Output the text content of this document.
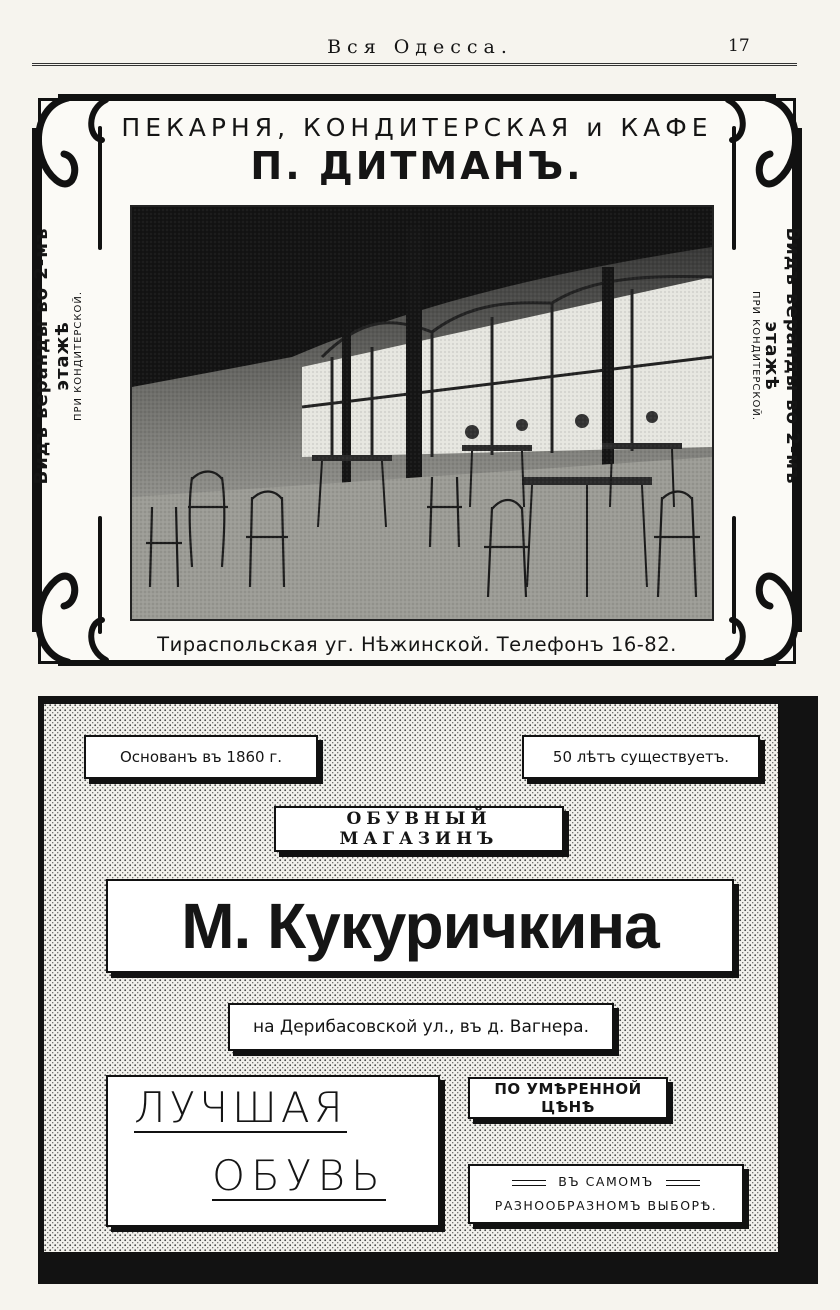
Вся Одесса.	17
ПЕКАРНЯ, КОНДИТЕРСКАЯ и КАФЕ
П. ДИТМАНЪ.
Видъ веранды во 2-мъ этажѣ ПРИ КОНДИТЕРСКОЙ.	Видъ веранды во 2-мъ этажѣ
ПРИ КОНДИТЕРСКОЙ.
Тираспольская уг. Нѣжинской. Телефонъ 16-82.
Основанъ въ 1860 г.	50 лѣтъ существуетъ.
ОБУВНЫЙ МАГАЗИНЪ
М. Кукуричкина
на Дерибасовской ул., въ д. Вагнера.
ЛУЧШАЯ
ОБУВЬ
ПО УМѢРЕННОЙ ЦѢНѢ
ВЪ САМОМЪ
РАЗНООБРАЗНОМЪ ВЫБОРѢ.
